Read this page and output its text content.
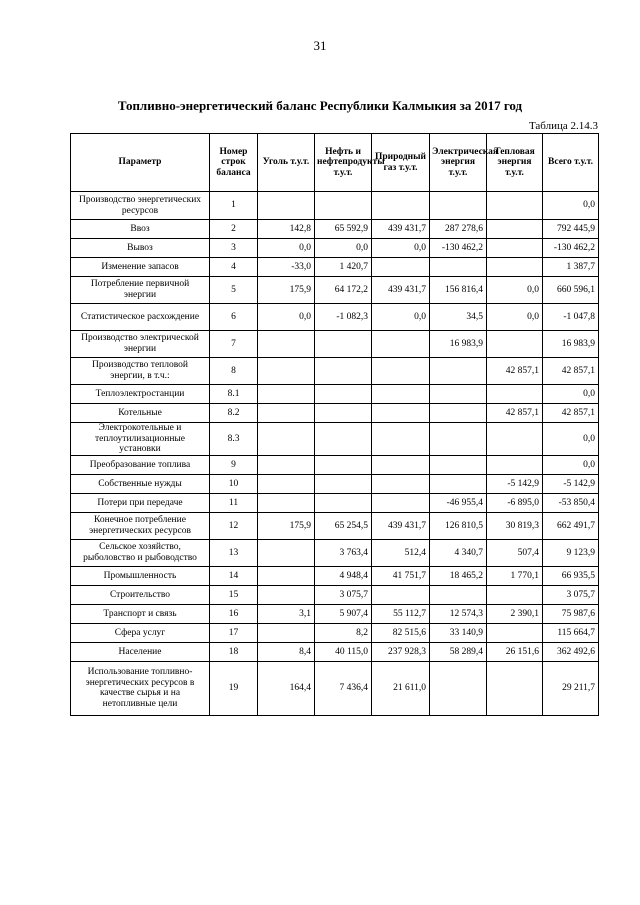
31
Топливно-энергетический баланс Республики Калмыкия за 2017 год
Таблица 2.14.3
Параметр	Номер строк баланса	Уголь т.у.т.	Нефть и нефтепродукты т.у.т.	Природный газ т.у.т.	Электрическая энергия т.у.т.	Тепловая энергия т.у.т.	Всего т.у.т.
Производство энергетических ресурсов	1						0,0
Ввоз	2	142,8	65 592,9	439 431,7	287 278,6		792 445,9
Вывоз	3	0,0	0,0	0,0	-130 462,2		-130 462,2
Изменение запасов	4	-33,0	1 420,7				1 387,7
Потребление первичной энергии	5	175,9	64 172,2	439 431,7	156 816,4	0,0	660 596,1
Статистическое расхождение	6	0,0	-1 082,3	0,0	34,5	0,0	-1 047,8
Производство электрической энергии	7				16 983,9		16 983,9
Производство тепловой энергии, в т.ч.:	8					42 857,1	42 857,1
Теплоэлектростанции	8.1						0,0
Котельные	8.2					42 857,1	42 857,1
Электрокотельные и теплоутилизационные установки	8.3						0,0
Преобразование топлива	9						0,0
Собственные нужды	10					-5 142,9	-5 142,9
Потери при передаче	11				-46 955,4	-6 895,0	-53 850,4
Конечное потребление энергетических ресурсов	12	175,9	65 254,5	439 431,7	126 810,5	30 819,3	662 491,7
Сельское хозяйство, рыболовство и рыбоводство	13		3 763,4	512,4	4 340,7	507,4	9 123,9
Промышленность	14		4 948,4	41 751,7	18 465,2	1 770,1	66 935,5
Строительство	15		3 075,7				3 075,7
Транспорт и связь	16	3,1	5 907,4	55 112,7	12 574,3	2 390,1	75 987,6
Сфера услуг	17		8,2	82 515,6	33 140,9		115 664,7
Население	18	8,4	40 115,0	237 928,3	58 289,4	26 151,6	362 492,6
Использование топливно-энергетических ресурсов в качестве сырья и на нетопливные цели	19	164,4	7 436,4	21 611,0			29 211,7
